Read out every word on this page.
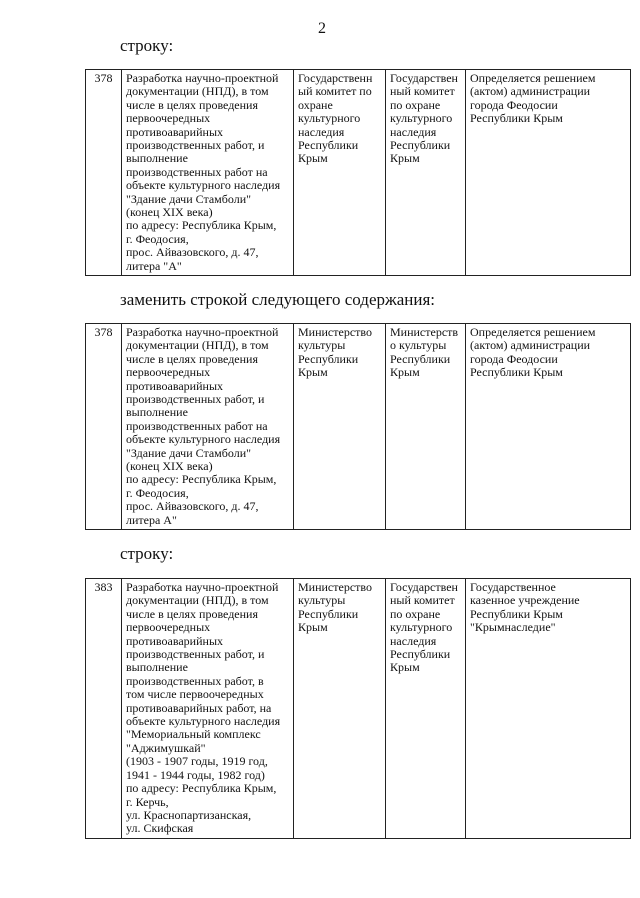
2
строку:
378	Разработка научно-проектной
документации (НПД), в том
числе в целях проведения
первоочередных
противоаварийных
производственных работ, и
выполнение
производственных работ на
объекте культурного наследия
"Здание дачи Стамболи"
(конец XIX века)
по адресу: Республика Крым,
г. Феодосия,
прос. Айвазовского, д. 47,
литера "А"	Государственн
ый комитет по
охране
культурного
наследия
Республики
Крым	Государствен
ный комитет
по охране
культурного
наследия
Республики
Крым	Определяется решением
(актом) администрации
города Феодосии
Республики Крым
заменить строкой следующего содержания:
378	Разработка научно-проектной
документации (НПД), в том
числе в целях проведения
первоочередных
противоаварийных
производственных работ, и
выполнение
производственных работ на
объекте культурного наследия
"Здание дачи Стамболи"
(конец XIX века)
по адресу: Республика Крым,
г. Феодосия,
прос. Айвазовского, д. 47,
литера А"	Министерство
культуры
Республики
Крым	Министерств
о культуры
Республики
Крым	Определяется решением
(актом) администрации
города Феодосии
Республики Крым
строку:
383	Разработка научно-проектной
документации (НПД), в том
числе в целях проведения
первоочередных
противоаварийных
производственных работ, и
выполнение
производственных работ, в
том числе первоочередных
противоаварийных работ, на
объекте культурного наследия
"Мемориальный комплекс
"Аджимушкай"
(1903 - 1907 годы, 1919 год,
1941 - 1944 годы, 1982 год)
по адресу: Республика Крым,
г. Керчь,
ул. Краснопартизанская,
ул. Скифская	Министерство
культуры
Республики
Крым	Государствен
ный комитет
по охране
культурного
наследия
Республики
Крым	Государственное
казенное учреждение
Республики Крым
"Крымнаследие"
